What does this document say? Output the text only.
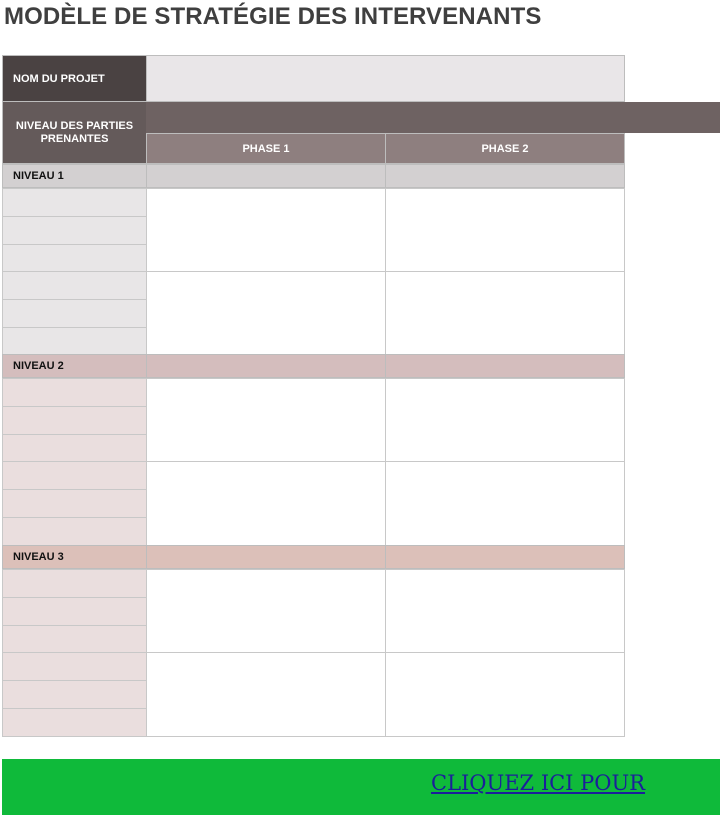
MODÈLE DE STRATÉGIE DES INTERVENANTS
NOM DU PROJET
NIVEAU DES PARTIES PRENANTES
PHASE 1	PHASE 2
NIVEAU 1
NIVEAU 2
NIVEAU 3
CLIQUEZ ICI POUR
